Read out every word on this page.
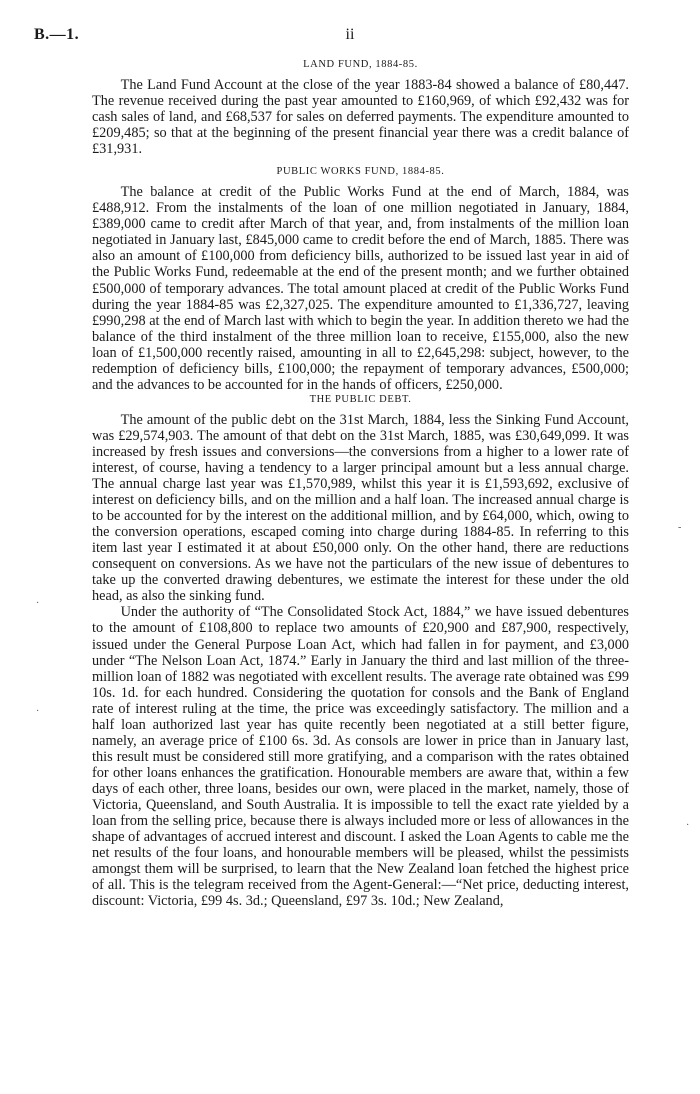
B.—1.	ii
LAND FUND, 1884-85.

The Land Fund Account at the close of the year 1883-84 showed a balance of £80,447. The revenue received during the past year amounted to £160,969, of which £92,432 was for cash sales of land, and £68,537 for sales on deferred payments. The expenditure amounted to £209,485; so that at the beginning of the present financial year there was a credit balance of £31,931.

PUBLIC WORKS FUND, 1884-85.

The balance at credit of the Public Works Fund at the end of March, 1884, was £488,912. From the instalments of the loan of one million negotiated in January, 1884, £389,000 came to credit after March of that year, and, from instalments of the million loan negotiated in January last, £845,000 came to credit before the end of March, 1885. There was also an amount of £100,000 from deficiency bills, authorized to be issued last year in aid of the Public Works Fund, redeemable at the end of the present month; and we further obtained £500,000 of temporary advances. The total amount placed at credit of the Public Works Fund during the year 1884-85 was £2,327,025. The expenditure amounted to £1,336,727, leaving £990,298 at the end of March last with which to begin the year. In addition thereto we had the balance of the third instalment of the three million loan to receive, £155,000, also the new loan of £1,500,000 recently raised, amounting in all to £2,645,298: subject, however, to the redemption of deficiency bills, £100,000; the repayment of temporary advances, £500,000; and the advances to be accounted for in the hands of officers, £250,000.

THE PUBLIC DEBT.

The amount of the public debt on the 31st March, 1884, less the Sinking Fund Account, was £29,574,903. The amount of that debt on the 31st March, 1885, was £30,649,099. It was increased by fresh issues and conversions—the conversions from a higher to a lower rate of interest, of course, having a tendency to a larger principal amount but a less annual charge. The annual charge last year was £1,570,989, whilst this year it is £1,593,692, exclusive of interest on deficiency bills, and on the million and a half loan. The increased annual charge is to be accounted for by the interest on the additional million, and by £64,000, which, owing to the conversion operations, escaped coming into charge during 1884-85. In referring to this item last year I estimated it at about £50,000 only. On the other hand, there are reductions consequent on conversions. As we have not the particulars of the new issue of debentures to take up the converted drawing debentures, we estimate the interest for these under the old head, as also the sinking fund.

Under the authority of “The Consolidated Stock Act, 1884,” we have issued debentures to the amount of £108,800 to replace two amounts of £20,900 and £87,900, respectively, issued under the General Purpose Loan Act, which had fallen in for payment, and £3,000 under “The Nelson Loan Act, 1874.” Early in January the third and last million of the three-million loan of 1882 was negotiated with excellent results. The average rate obtained was £99 10s. 1d. for each hundred. Considering the quotation for consols and the Bank of England rate of interest ruling at the time, the price was exceedingly satisfactory. The million and a half loan authorized last year has quite recently been negotiated at a still better figure, namely, an average price of £100 6s. 3d. As consols are lower in price than in January last, this result must be considered still more gratifying, and a comparison with the rates obtained for other loans enhances the gratification. Honourable members are aware that, within a few days of each other, three loans, besides our own, were placed in the market, namely, those of Victoria, Queensland, and South Australia. It is impossible to tell the exact rate yielded by a loan from the selling price, because there is always included more or less of allowances in the shape of advantages of accrued interest and discount. I asked the Loan Agents to cable me the net results of the four loans, and honourable members will be pleased, whilst the pessimists amongst them will be surprised, to learn that the New Zealand loan fetched the highest price of all. This is the telegram received from the Agent-General:—“Net price, deducting interest, discount: Victoria, £99 4s. 3d.; Queensland, £97 3s. 10d.; New Zealand,

-
·
·
·
